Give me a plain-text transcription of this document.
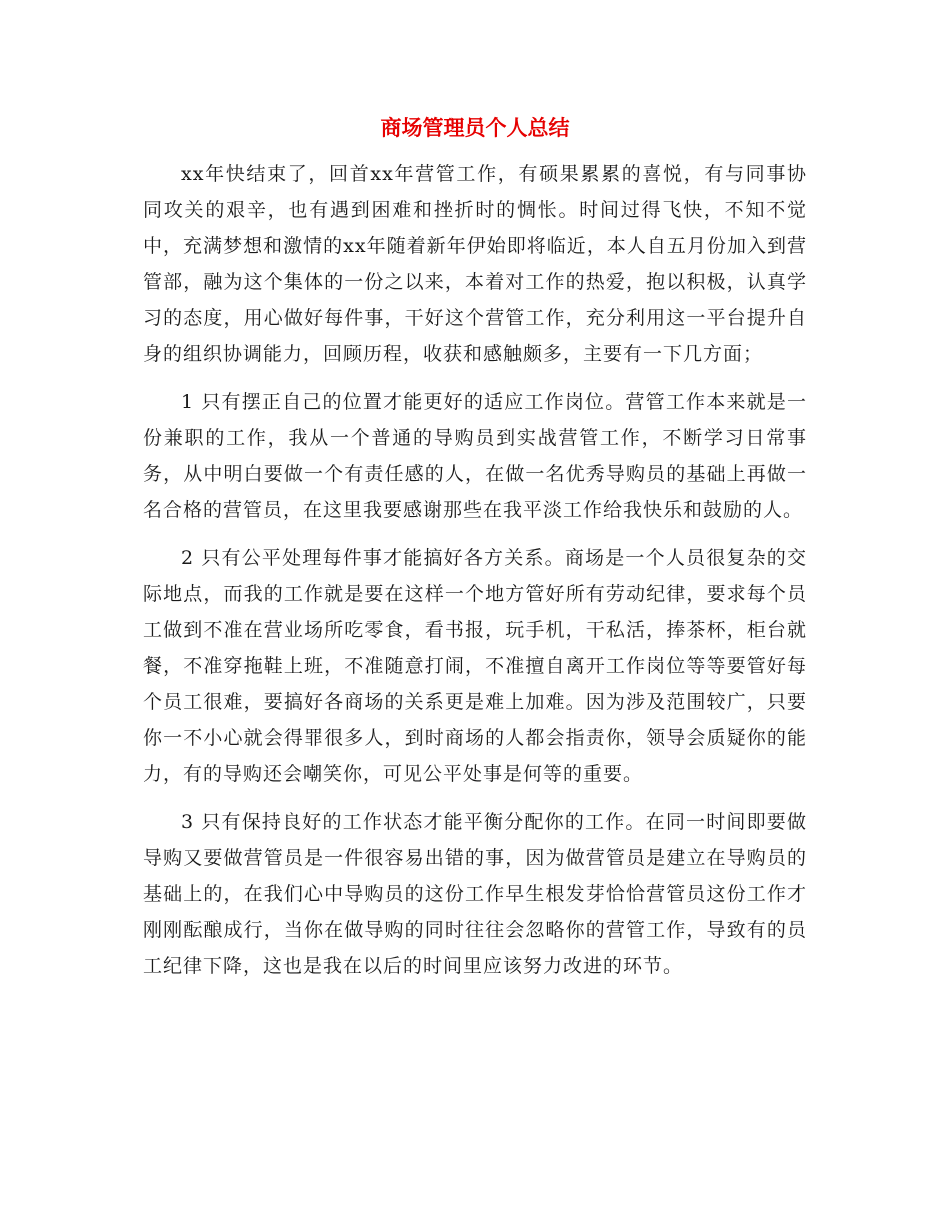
商场管理员个人总结

xx年快结束了，回首xx年营管工作，有硕果累累的喜悦，有与同事协同攻关的艰辛，也有遇到困难和挫折时的惆怅。时间过得飞快，不知不觉中，充满梦想和激情的xx年随着新年伊始即将临近，本人自五月份加入到营管部，融为这个集体的一份之以来，本着对工作的热爱，抱以积极，认真学习的态度，用心做好每件事，干好这个营管工作，充分利用这一平台提升自身的组织协调能力，回顾历程，收获和感触颇多，主要有一下几方面；

1 只有摆正自己的位置才能更好的适应工作岗位。营管工作本来就是一份兼职的工作，我从一个普通的导购员到实战营管工作，不断学习日常事务，从中明白要做一个有责任感的人，在做一名优秀导购员的基础上再做一名合格的营管员，在这里我要感谢那些在我平淡工作给我快乐和鼓励的人。

2 只有公平处理每件事才能搞好各方关系。商场是一个人员很复杂的交际地点，而我的工作就是要在这样一个地方管好所有劳动纪律，要求每个员工做到不准在营业场所吃零食，看书报，玩手机，干私活，捧茶杯，柜台就餐，不准穿拖鞋上班，不准随意打闹，不准擅自离开工作岗位等等要管好每个员工很难，要搞好各商场的关系更是难上加难。因为涉及范围较广，只要你一不小心就会得罪很多人，到时商场的人都会指责你，领导会质疑你的能力，有的导购还会嘲笑你，可见公平处事是何等的重要。

3 只有保持良好的工作状态才能平衡分配你的工作。在同一时间即要做导购又要做营管员是一件很容易出错的事，因为做营管员是建立在导购员的基础上的，在我们心中导购员的这份工作早生根发芽恰恰营管员这份工作才刚刚酝酿成行，当你在做导购的同时往往会忽略你的营管工作，导致有的员工纪律下降，这也是我在以后的时间里应该努力改进的环节。
